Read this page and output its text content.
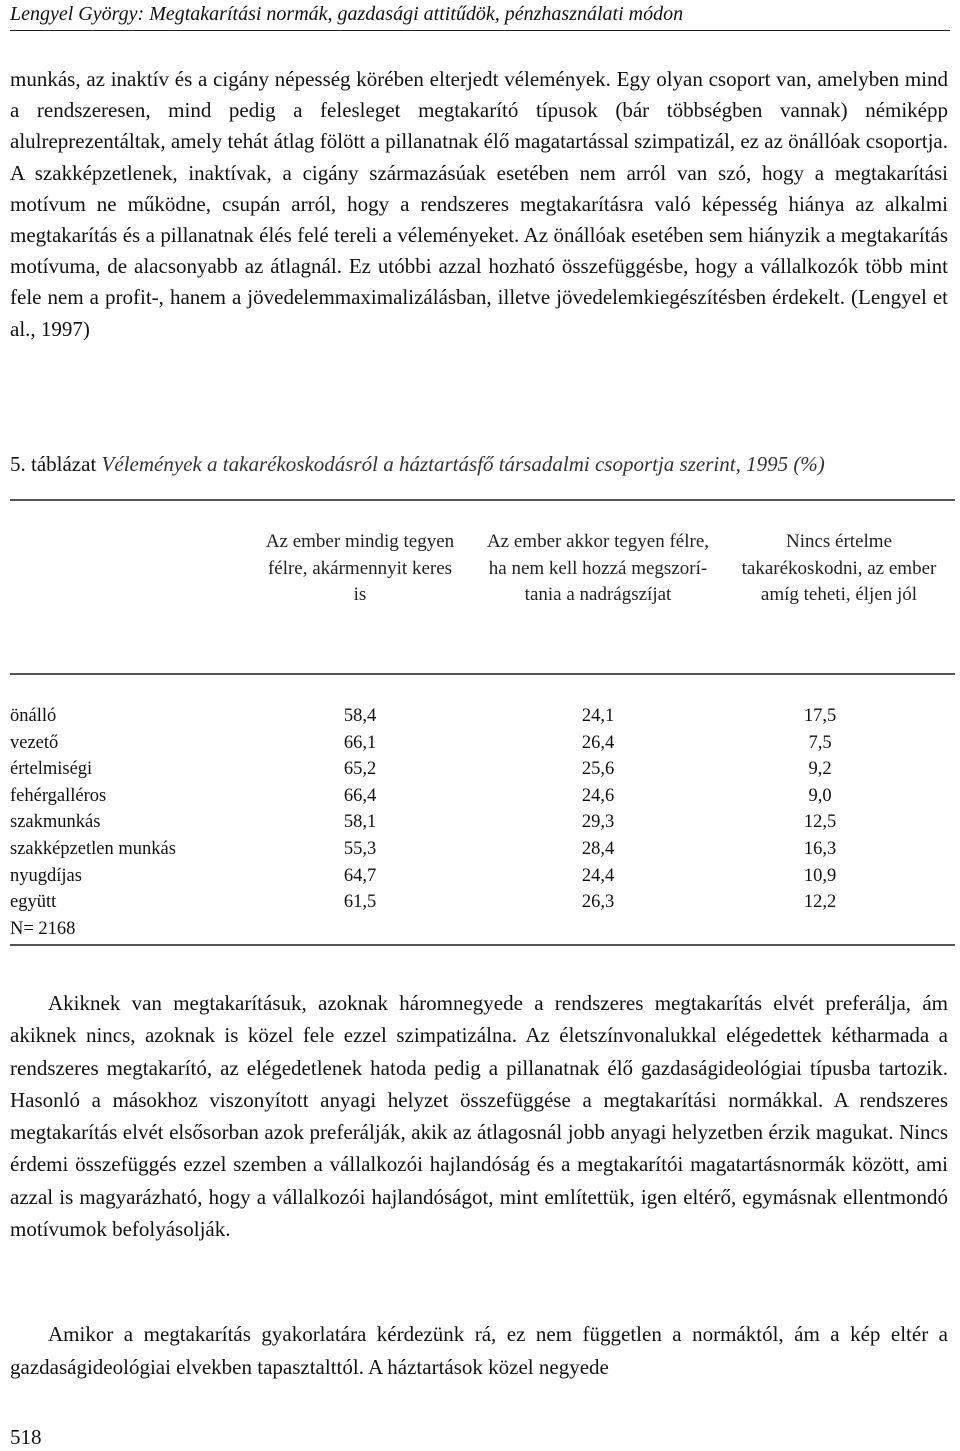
Lengyel György: Megtakarítási normák, gazdasági attitűdök, pénzhasználati módon

munkás, az inaktív és a cigány népesség körében elterjedt vélemények. Egy olyan csoport van, amelyben mind a rendszeresen, mind pedig a felesleget megtakarító típusok (bár többségben vannak) némiképp alulreprezentáltak, amely tehát átlag fölött a pillanatnak élő magatartással szimpatizál, ez az önállóak csoportja. A szakképzetlenek, inaktívak, a cigány származásúak esetében nem arról van szó, hogy a megtakarítási motívum ne működne, csupán arról, hogy a rendszeres megtakarításra való képesség hiánya az alkalmi megtakarítás és a pillanatnak élés felé tereli a véleményeket. Az önállóak esetében sem hiányzik a megtakarítás motívuma, de alacsonyabb az átlagnál. Ez utóbbi azzal hozható összefüggésbe, hogy a vállalkozók több mint fele nem a profit-, hanem a jövedelemmaximalizálásban, illetve jövedelemkiegészítésben érdekelt. (Lengyel et al., 1997)

5. táblázat Vélemények a takarékoskodásról a háztartásfő társadalmi csoportja szerint, 1995 (%)
Az ember mindig tegyen félre, akármennyit keres is
Az ember akkor tegyen félre, ha nem kell hozzá megszorí-tania a nadrágszíjat
Nincs értelme takarékoskodni, az ember amíg teheti, éljen jól
önálló	58,4	24,1	17,5
vezető	66,1	26,4	7,5
értelmiségi	65,2	25,6	9,2
fehérgalléros	66,4	24,6	9,0
szakmunkás	58,1	29,3	12,5
szakképzetlen munkás	55,3	28,4	16,3
nyugdíjas	64,7	24,4	10,9
együtt	61,5	26,3	12,2
N= 2168

Akiknek van megtakarításuk, azoknak háromnegyede a rendszeres megtakarítás elvét preferálja, ám akiknek nincs, azoknak is közel fele ezzel szimpatizálna. Az életszínvonalukkal elégedettek kétharmada a rendszeres megtakarító, az elégedetlenek hatoda pedig a pillanatnak élő gazdaságideológiai típusba tartozik. Hasonló a másokhoz viszonyított anyagi helyzet összefüggése a megtakarítási normákkal. A rendszeres megtakarítás elvét elsősorban azok preferálják, akik az átlagosnál jobb anyagi helyzetben érzik magukat. Nincs érdemi összefüggés ezzel szemben a vállalkozói hajlandóság és a megtakarítói magatartásnormák között, ami azzal is magyarázható, hogy a vállalkozói hajlandóságot, mint említettük, igen eltérő, egymásnak ellentmondó motívumok befolyásolják.

Amikor a megtakarítás gyakorlatára kérdezünk rá, ez nem független a normáktól, ám a kép eltér a gazdaságideológiai elvekben tapasztalttól. A háztartások közel negyede

518
